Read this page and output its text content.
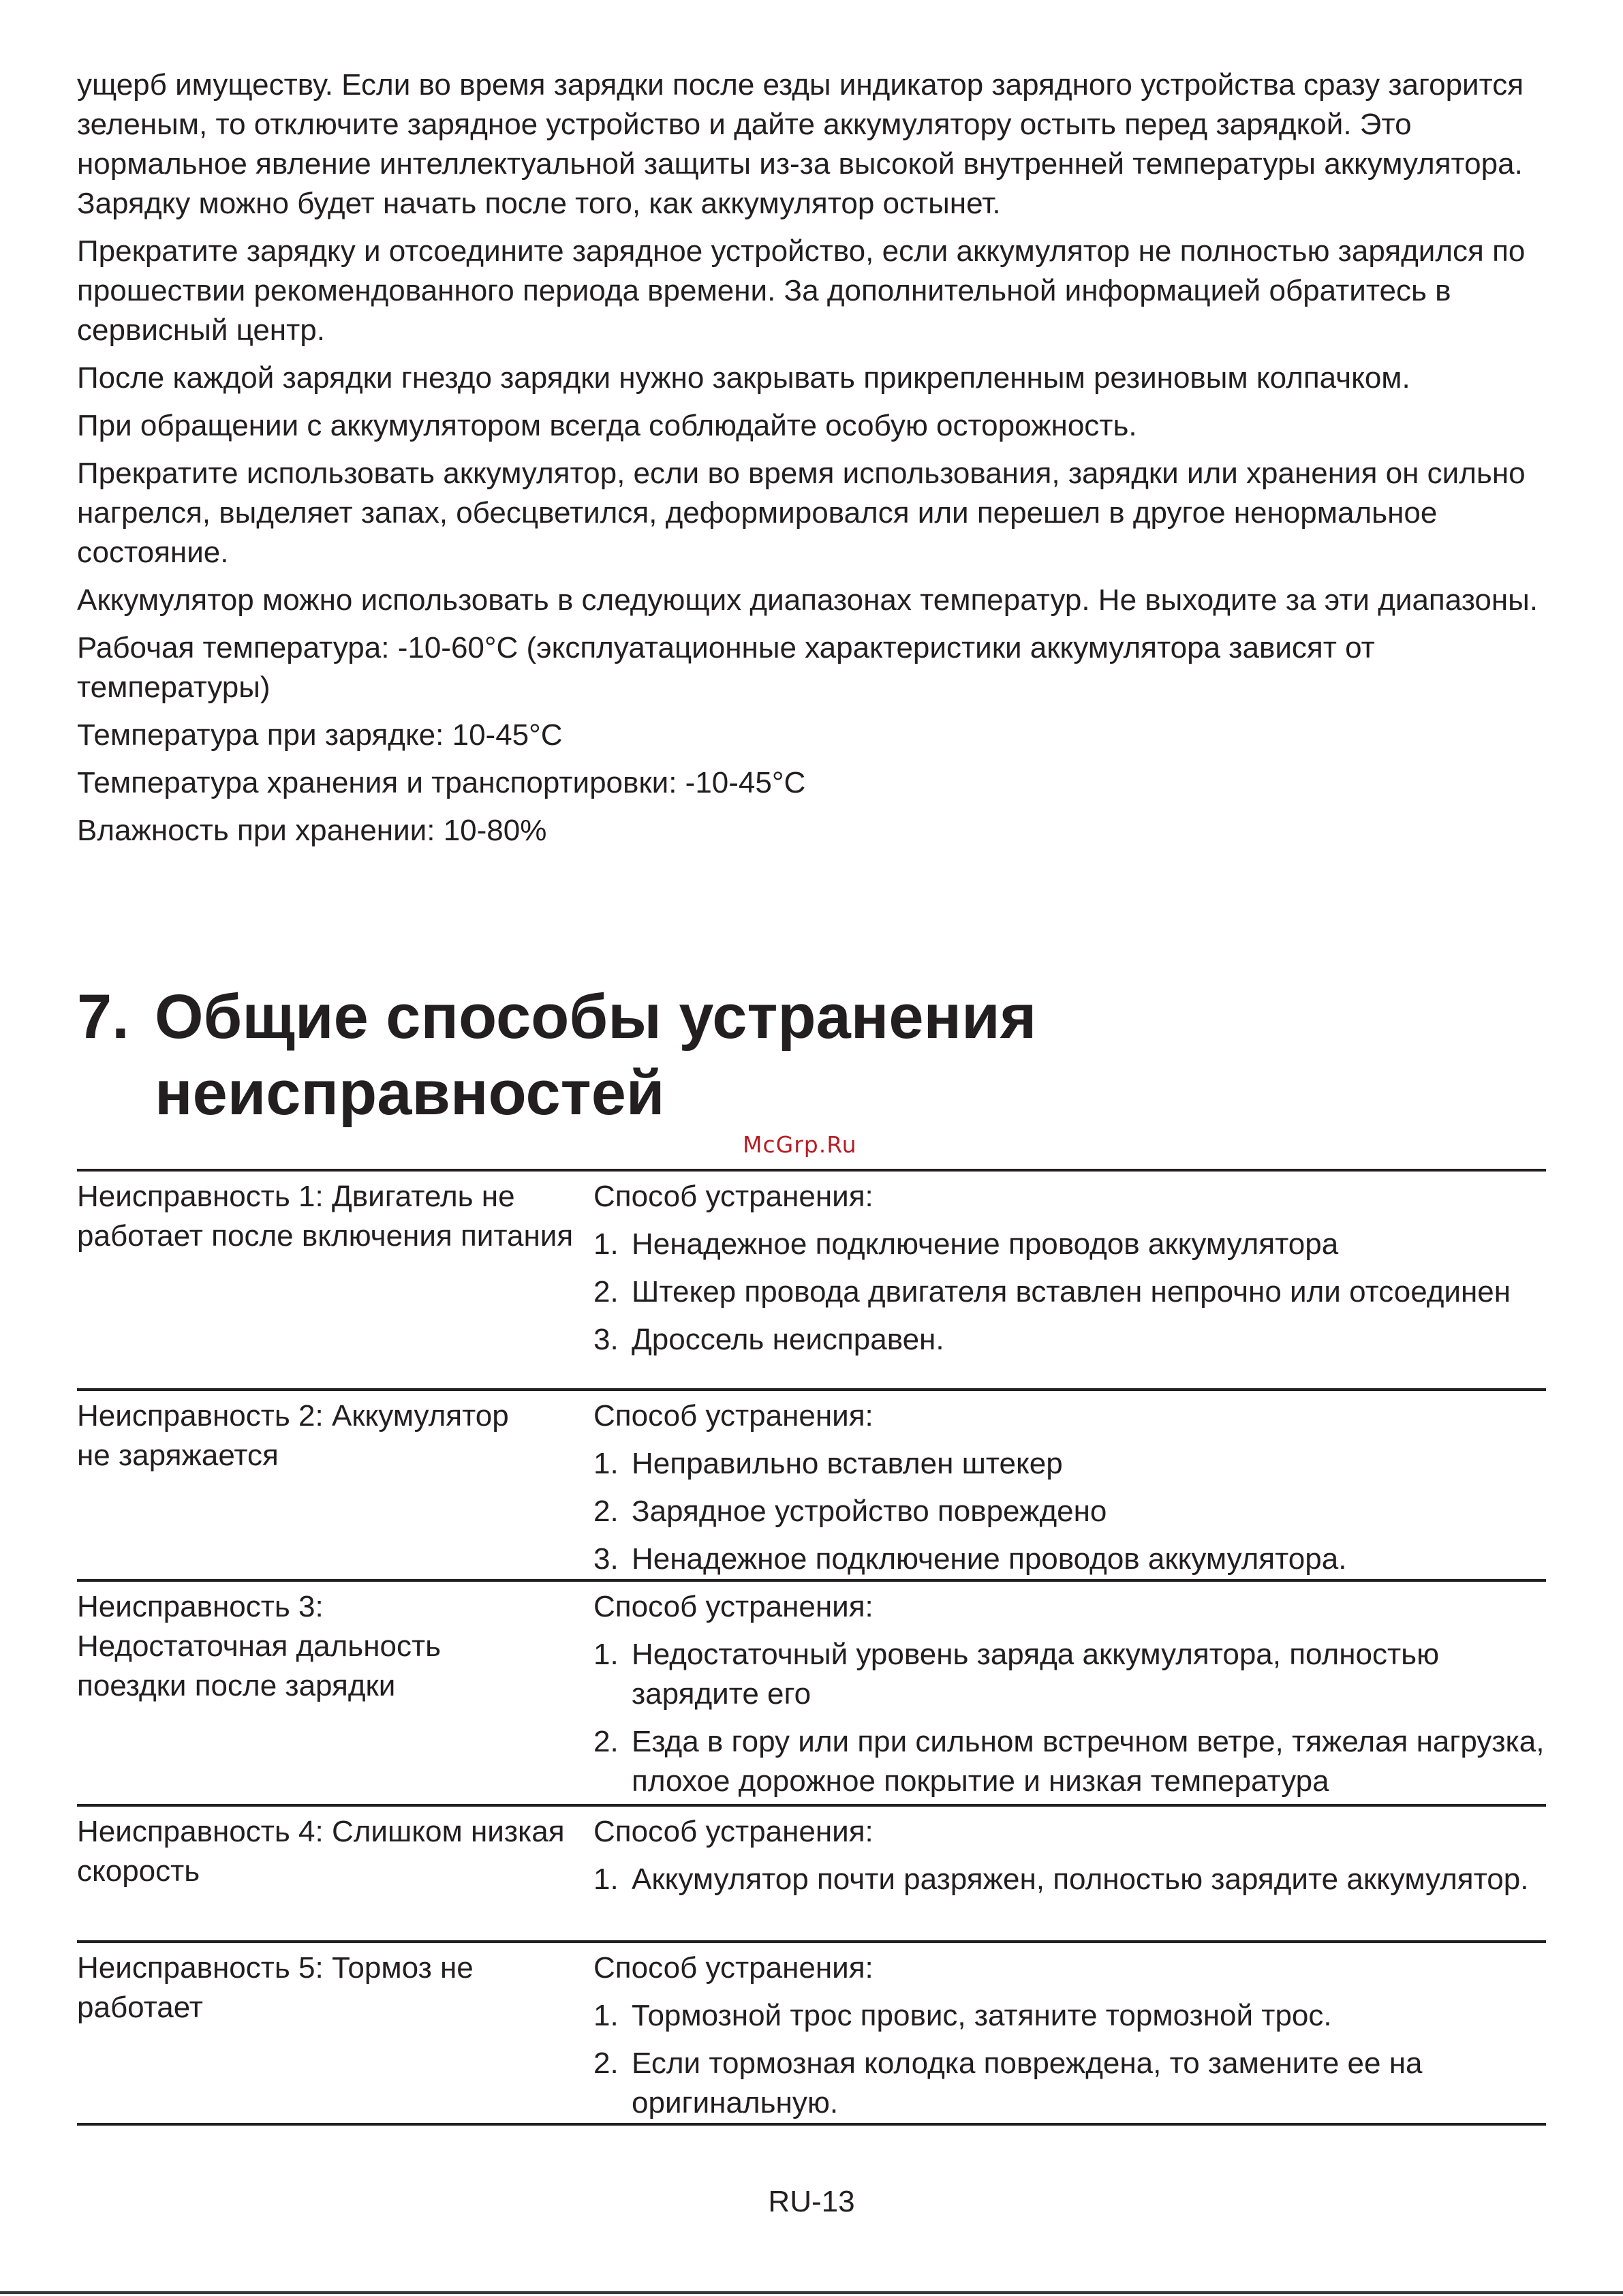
ущерб имуществу. Если во время зарядки после езды индикатор зарядного устройства сразу загорится зеленым, то отключите зарядное устройство и дайте аккумулятору остыть перед зарядкой. Это нормальное явление интеллектуальной защиты из-за высокой внутренней температуры аккумулятора. Зарядку можно будет начать после того, как аккумулятор остынет.

Прекратите зарядку и отсоедините зарядное устройство, если аккумулятор не полностью зарядился по прошествии рекомендованного периода времени. За дополнительной информацией обратитесь в сервисный центр.

После каждой зарядки гнездо зарядки нужно закрывать прикрепленным резиновым колпачком.

При обращении с аккумулятором всегда соблюдайте особую осторожность.

Прекратите использовать аккумулятор, если во время использования, зарядки или хранения он сильно нагрелся, выделяет запах, обесцветился, деформировался или перешел в другое ненормальное состояние.

Аккумулятор можно использовать в следующих диапазонах температур. Не выходите за эти диапазоны.

Рабочая температура: -10-60°C (эксплуатационные характеристики аккумулятора зависят от температуры)

Температура при зарядке: 10-45°C

Температура хранения и транспортировки: -10-45°C

Влажность при хранении: 10-80%

7. Общие способы устранения неисправностей
McGrp.Ru
Неисправность 1: Двигатель не работает после включения питания
Способ устранения:
1. Ненадежное подключение проводов аккумулятора
2. Штекер провода двигателя вставлен непрочно или отсоединен
3. Дроссель неисправен.
Неисправность 2: Аккумулятор не заряжается
Способ устранения:
1. Неправильно вставлен штекер
2. Зарядное устройство повреждено
3. Ненадежное подключение проводов аккумулятора.
Неисправность 3: Недостаточная дальность поездки после зарядки
Способ устранения:
1. Недостаточный уровень заряда аккумулятора, полностью зарядите его
2. Езда в гору или при сильном встречном ветре, тяжелая нагрузка, плохое дорожное покрытие и низкая температура
Неисправность 4: Слишком низкая скорость
Способ устранения:
1. Аккумулятор почти разряжен, полностью зарядите аккумулятор.
Неисправность 5: Тормоз не работает
Способ устранения:
1. Тормозной трос провис, затяните тормозной трос.
2. Если тормозная колодка повреждена, то замените ее на оригинальную.
RU-13
